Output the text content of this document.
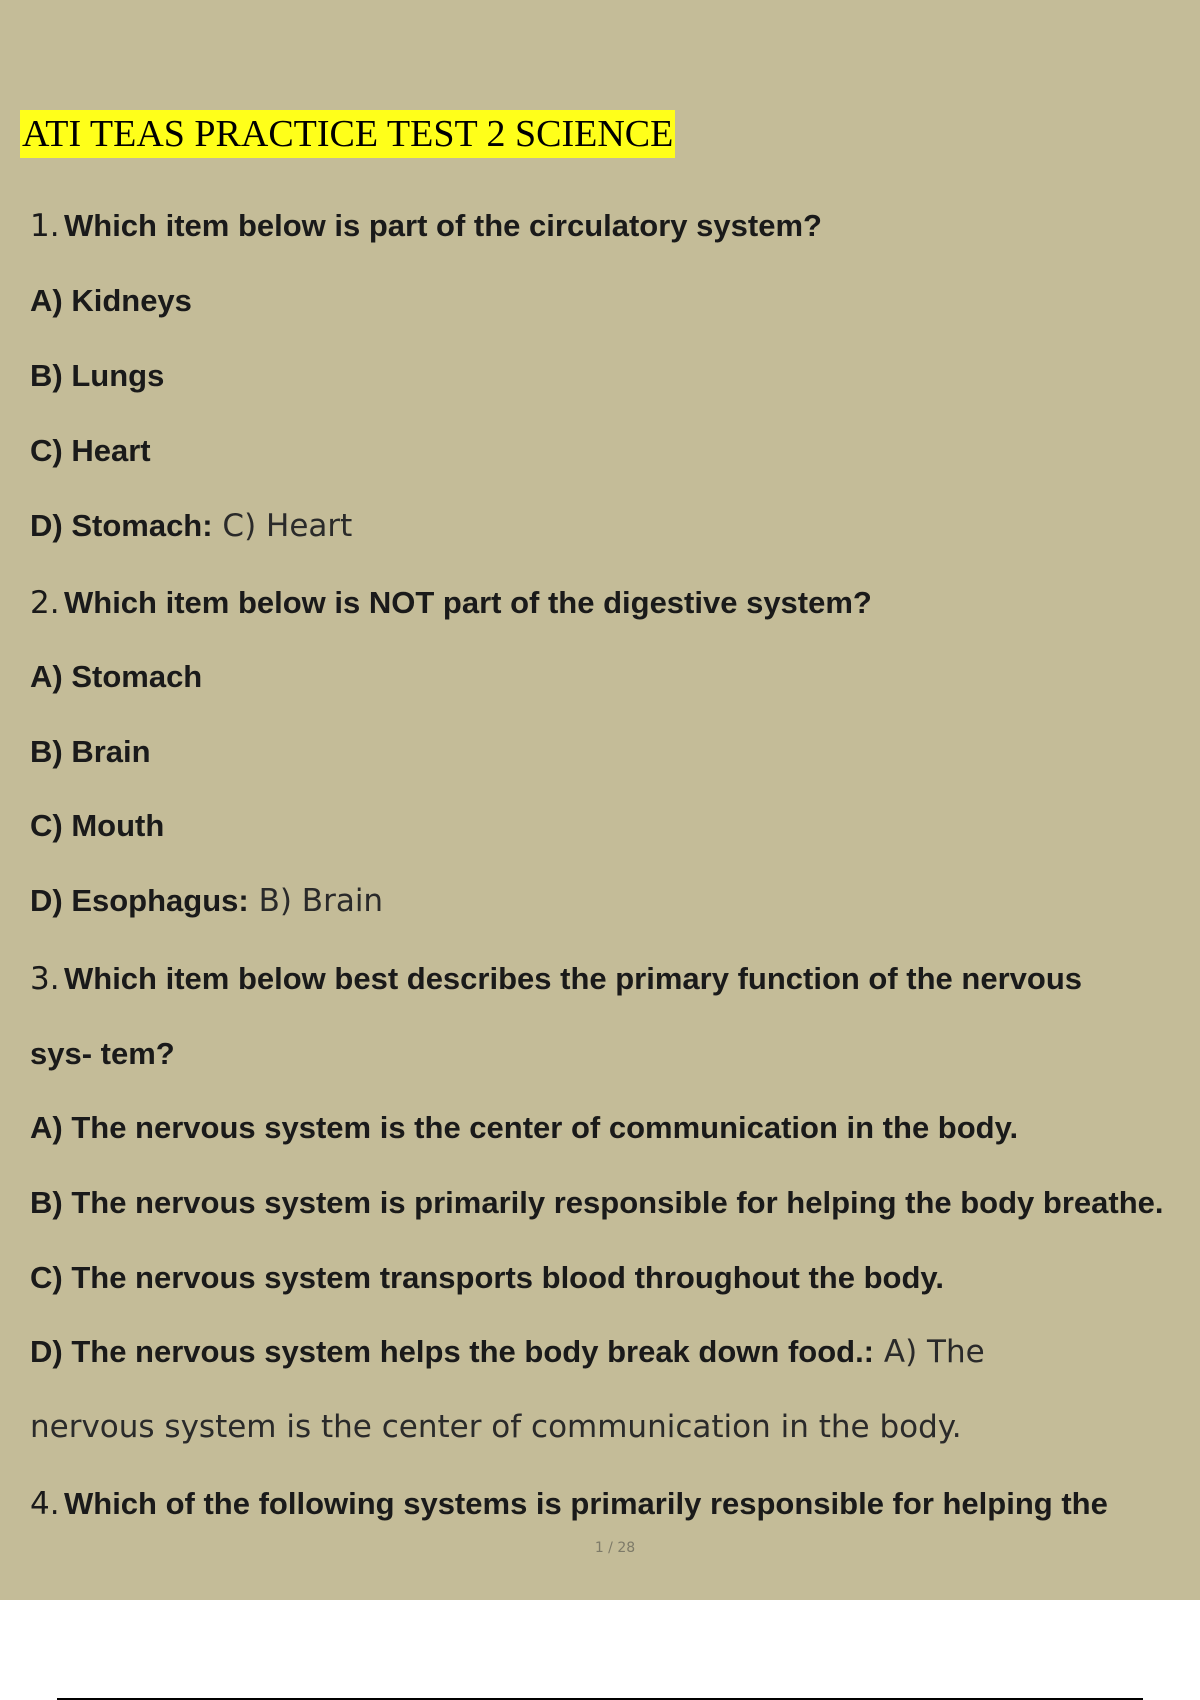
ATI TEAS PRACTICE TEST 2 SCIENCE
1. Which item below is part of the circulatory system?
A) Kidneys
B) Lungs
C) Heart
D) Stomach: C) Heart
2. Which item below is NOT part of the digestive system?
A) Stomach
B) Brain
C) Mouth
D) Esophagus: B) Brain
3. Which item below best describes the primary function of the nervous
sys- tem?
A) The nervous system is the center of communication in the body.
B) The nervous system is primarily responsible for helping the body breathe.
C) The nervous system transports blood throughout the body.
D) The nervous system helps the body break down food.: A) The
nervous system is the center of communication in the body.
4. Which of the following systems is primarily responsible for helping the
1 / 28
